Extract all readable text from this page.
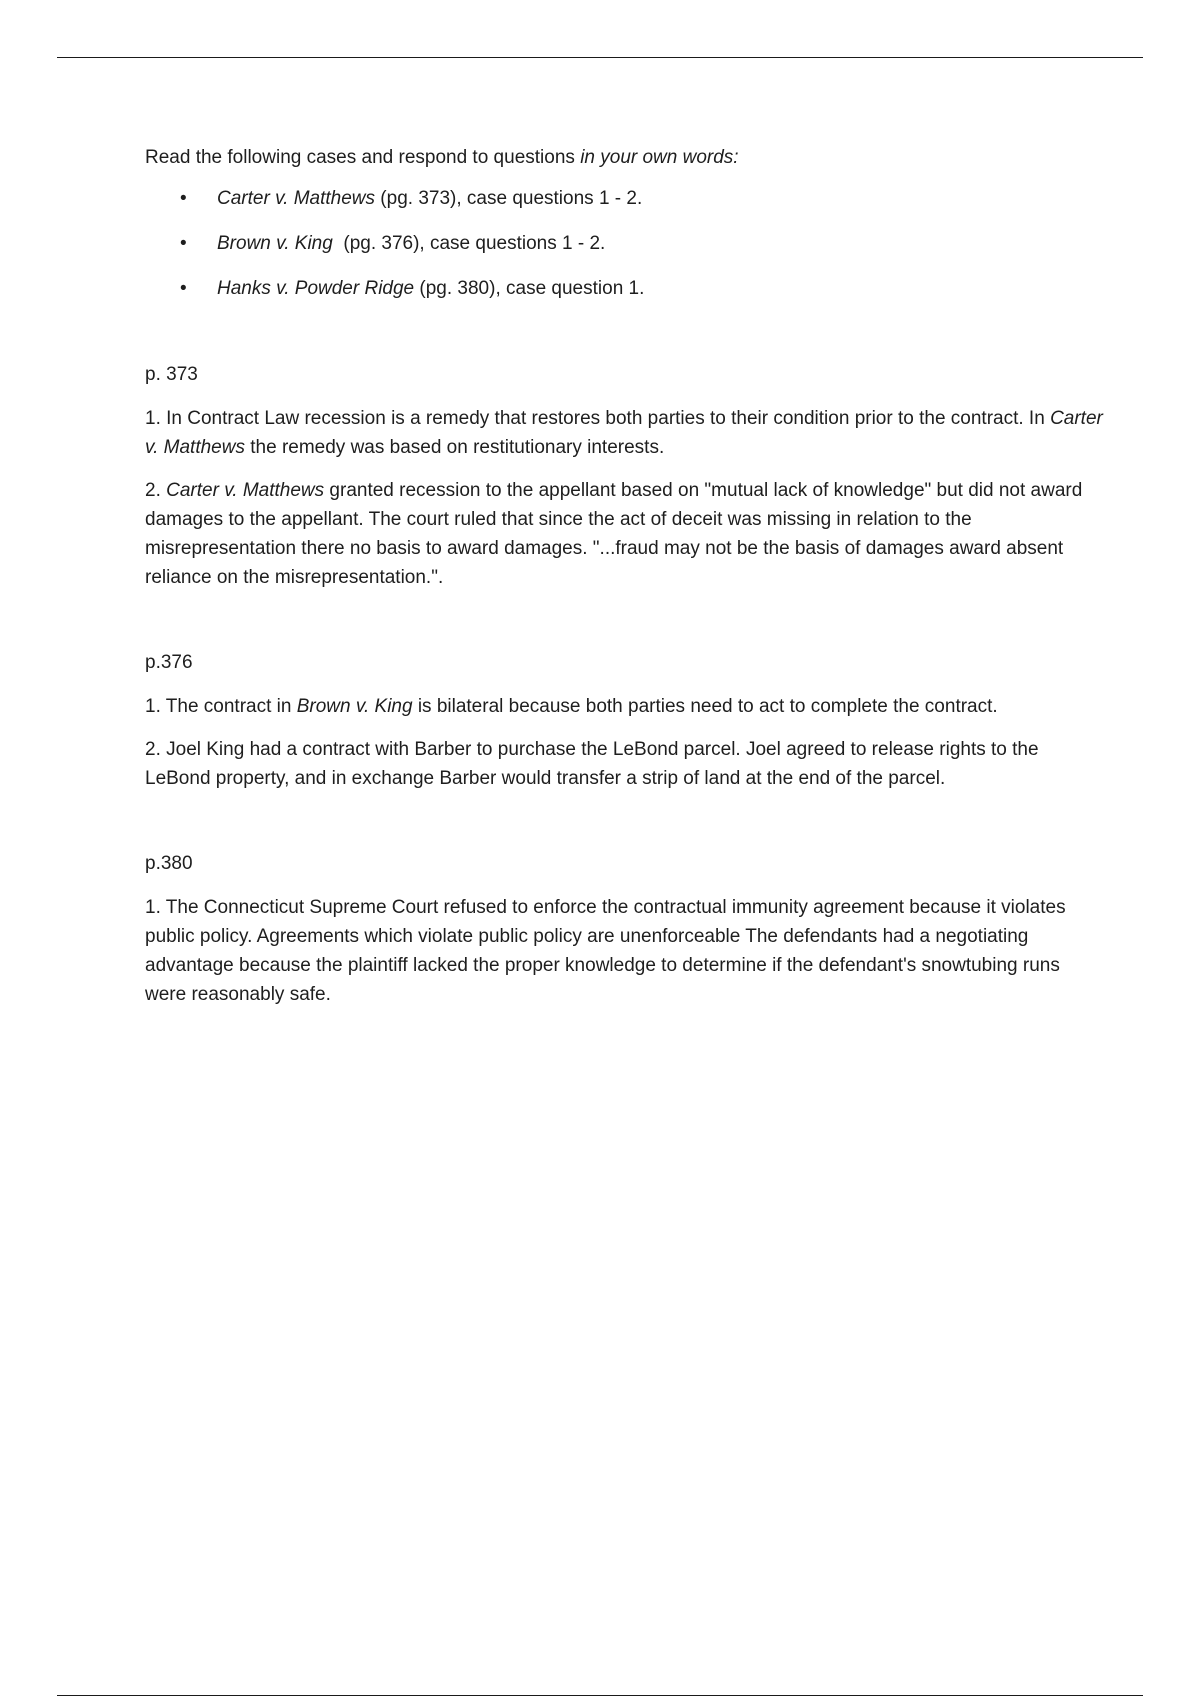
Read the following cases and respond to questions in your own words:

• Carter v. Matthews (pg. 373), case questions 1 - 2.
• Brown v. King  (pg. 376), case questions 1 - 2.
• Hanks v. Powder Ridge (pg. 380), case question 1.

p. 373

1. In Contract Law recession is a remedy that restores both parties to their condition prior to the contract. In Carter v. Matthews the remedy was based on restitutionary interests.

2. Carter v. Matthews granted recession to the appellant based on "mutual lack of knowledge" but did not award damages to the appellant. The court ruled that since the act of deceit was missing in relation to the misrepresentation there no basis to award damages. "...fraud may not be the basis of damages award absent reliance on the misrepresentation.".

p.376

1. The contract in Brown v. King is bilateral because both parties need to act to complete the contract.

2. Joel King had a contract with Barber to purchase the LeBond parcel. Joel agreed to release rights to the LeBond property, and in exchange Barber would transfer a strip of land at the end of the parcel.

p.380

1. The Connecticut Supreme Court refused to enforce the contractual immunity agreement because it violates public policy. Agreements which violate public policy are unenforceable The defendants had a negotiating advantage because the plaintiff lacked the proper knowledge to determine if the defendant's snowtubing runs were reasonably safe.
